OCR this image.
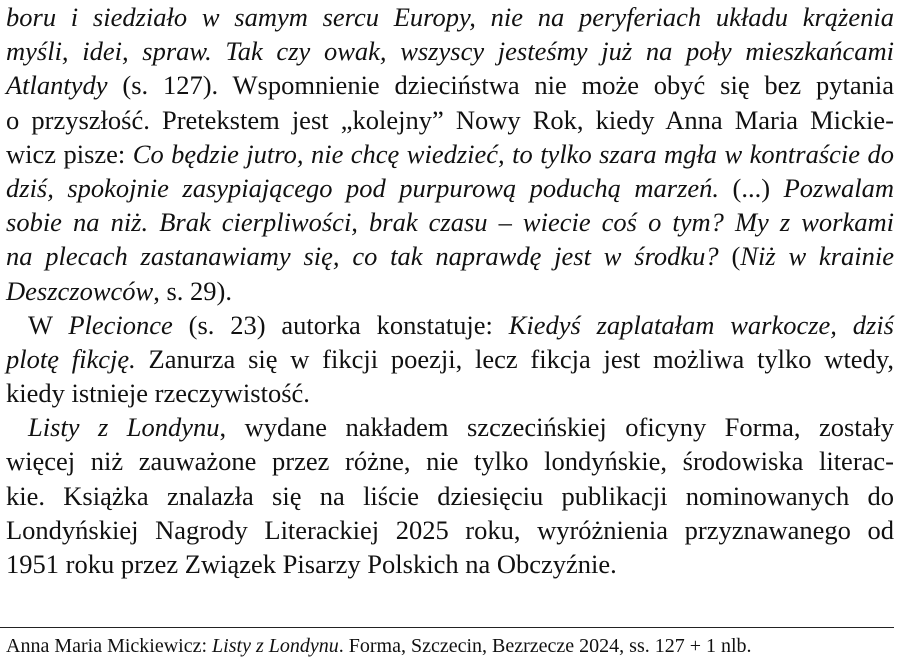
boru i siedziało w samym sercu Europy, nie na peryferiach układu krążenia
myśli, idei, spraw. Tak czy owak, wszyscy jesteśmy już na poły mieszkańcami
Atlantydy (s. 127). Wspomnienie dzieciństwa nie może obyć się bez pytania
o przyszłość. Pretekstem jest „kolejny” Nowy Rok, kiedy Anna Maria Mickie-
wicz pisze: Co będzie jutro, nie chcę wiedzieć, to tylko szara mgła w kontraście do
dziś, spokojnie zasypiającego pod purpurową poduchą marzeń. (...) Pozwalam
sobie na niż. Brak cierpliwości, brak czasu – wiecie coś o tym? My z workami
na plecach zastanawiamy się, co tak naprawdę jest w środku? (Niż w krainie
Deszczowców, s. 29).
W Plecionce (s. 23) autorka konstatuje: Kiedyś zaplatałam warkocze, dziś
plotę fikcję. Zanurza się w fikcji poezji, lecz fikcja jest możliwa tylko wtedy,
kiedy istnieje rzeczywistość.
Listy z Londynu, wydane nakładem szczecińskiej oficyny Forma, zostały
więcej niż zauważone przez różne, nie tylko londyńskie, środowiska literac-
kie. Książka znalazła się na liście dziesięciu publikacji nominowanych do
Londyńskiej Nagrody Literackiej 2025 roku, wyróżnienia przyznawanego od
1951 roku przez Związek Pisarzy Polskich na Obczyźnie.
Anna Maria Mickiewicz: Listy z Londynu. Forma, Szczecin, Bezrzecze 2024, ss. 127 + 1 nlb.
